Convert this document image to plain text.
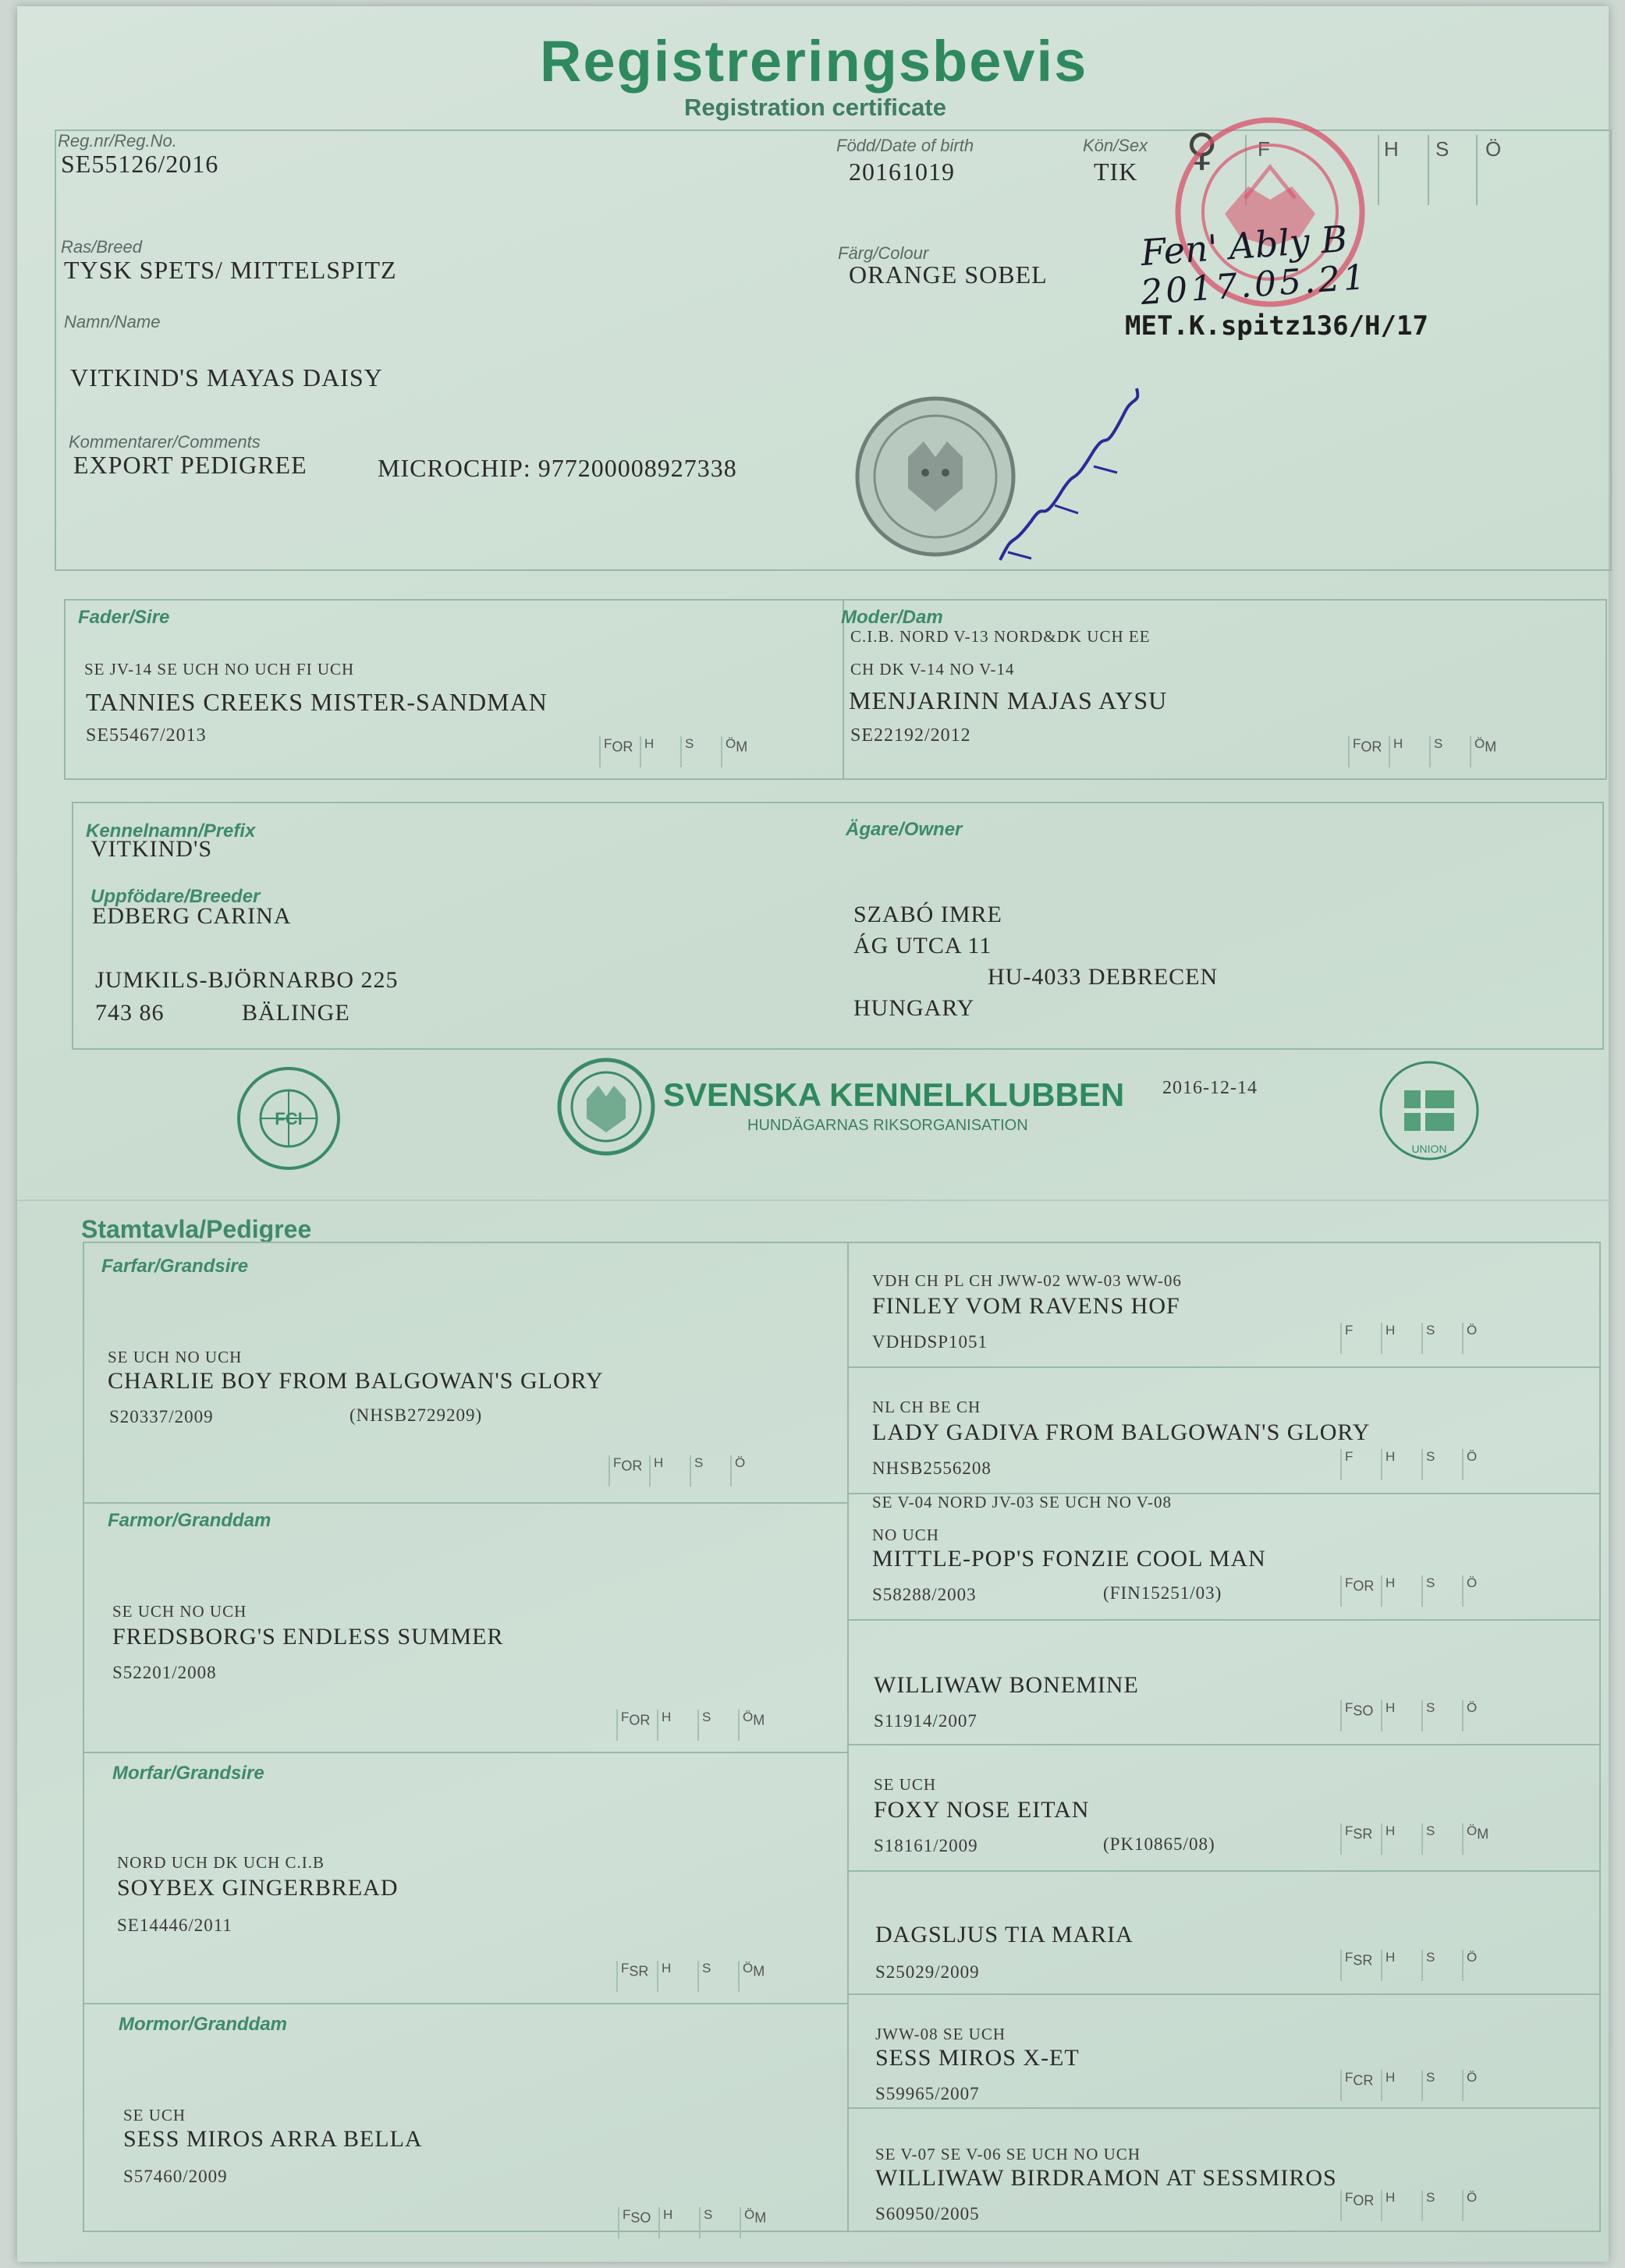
Registreringsbevis
Registration certificate
Reg.nr/Reg.No.
SE55126/2016
Född/Date of birth
20161019
Kön/Sex
TIK ♀ F	H S Ö
Fen' Ably B
2017.05.21
MET.K.spitz136/H/17
Ras/Breed
TYSK SPETS/ MITTELSPITZ
Färg/Colour
ORANGE SOBEL
Namn/Name
VITKIND'S MAYAS DAISY
Kommentarer/Comments
EXPORT PEDIGREE	MICROCHIP: 977200008927338
Fader/Sire
SE JV-14 SE UCH NO UCH FI UCH
TANNIES CREEKS MISTER-SANDMAN
SE55467/2013
Moder/Dam
C.I.B. NORD V-13 NORD&DK UCH EE
CH DK V-14 NO V-14
MENJARINN MAJAS AYSU
SE22192/2012
$F_{OR}$ H S $Ö_M$	$F_{OR}$ H S $Ö_M$
Kennelnamn/Prefix
VITKIND'S
Uppfödare/Breeder
EDBERG CARINA
JUMKILS-BJÖRNARBO 225
743 86	BÄLINGE
Ägare/Owner
SZABÓ IMRE
ÁG UTCA 11
HU-4033 DEBRECEN
HUNGARY
FCI
SVENSKA KENNELKLUBBEN
HUNDÄGARNAS RIKSORGANISATION
2016-12-14
UNION
Stamtavla/Pedigree
Farfar/Grandsire
SE UCH NO UCH
CHARLIE BOY FROM BALGOWAN'S GLORY
S20337/2009	(NHSB2729209)
$F_{OR}$ H S Ö
Farmor/Granddam
SE UCH NO UCH
FREDSBORG'S ENDLESS SUMMER
S52201/2008
$F_{OR}$ H S $Ö_M$
Morfar/Grandsire
NORD UCH DK UCH C.I.B
SOYBEX GINGERBREAD
SE14446/2011
$F_{SR}$ H S $Ö_M$
Mormor/Granddam
SE UCH
SESS MIROS ARRA BELLA
S57460/2009
$F_{SO}$ H S $Ö_M$
VDH CH PL CH JWW-02 WW-03 WW-06
FINLEY VOM RAVENS HOF
VDHDSP1051
F H S Ö
NL CH BE CH
LADY GADIVA FROM BALGOWAN'S GLORY
NHSB2556208
F H S Ö
SE V-04 NORD JV-03 SE UCH NO V-08
NO UCH
MITTLE-POP'S FONZIE COOL MAN
S58288/2003	(FIN15251/03)
$F_{OR}$ H S Ö
WILLIWAW BONEMINE
S11914/2007
$F_{SO}$ H S Ö
SE UCH
FOXY NOSE EITAN
S18161/2009	(PK10865/08)
$F_{SR}$ H S $Ö_M$
DAGSLJUS TIA MARIA
S25029/2009
$F_{SR}$ H S Ö
JWW-08 SE UCH
SESS MIROS X-ET
S59965/2007
$F_{CR}$ H S Ö
SE V-07 SE V-06 SE UCH NO UCH
WILLIWAW BIRDRAMON AT SESSMIROS
S60950/2005
$F_{OR}$ H S Ö
